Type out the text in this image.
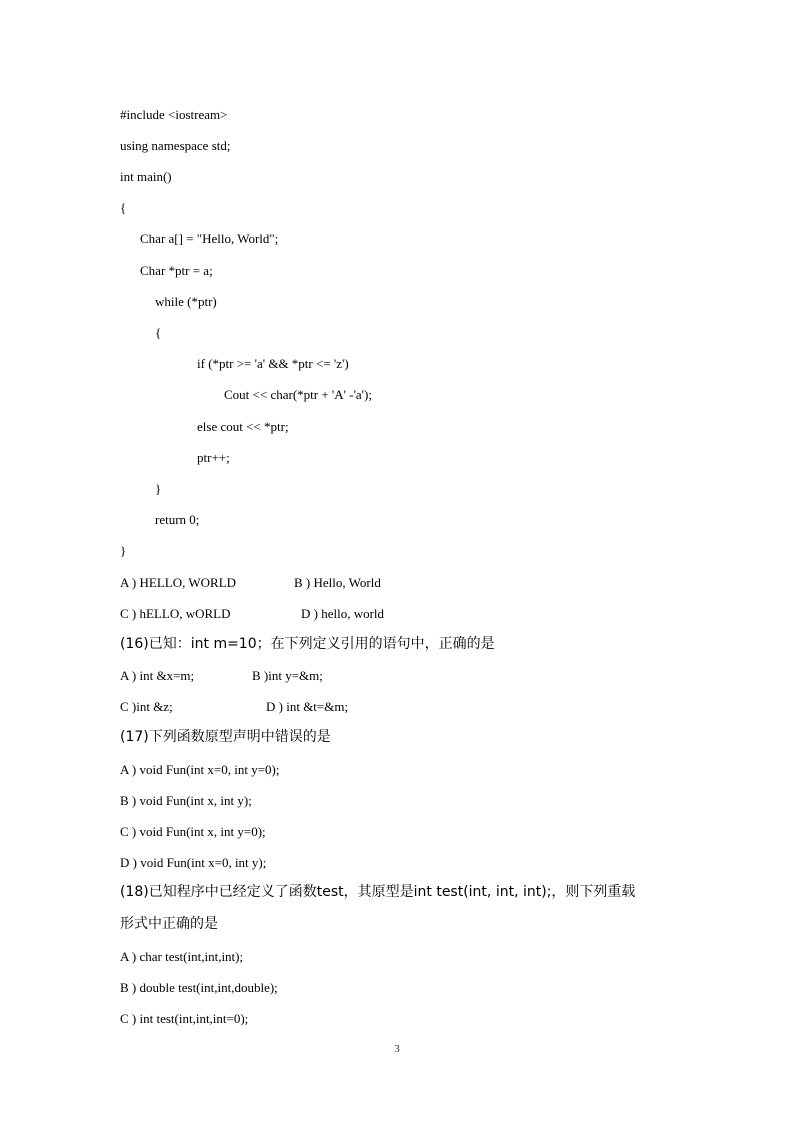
#include <iostream>
using namespace std;
int main()
{
Char a[] = "Hello, World";
Char *ptr = a;
while (*ptr)
{
if (*ptr >= 'a' && *ptr <= 'z')
Cout << char(*ptr + 'A' -'a');
else cout << *ptr;
ptr++;
}
return 0;
}
A ) HELLO, WORLD	B ) Hello, World
C ) hELLO, wORLD	D ) hello, world
(16)已知：int m=10；在下列定义引用的语句中，正确的是
A ) int &x=m;	B )int y=&m;
C )int &z;	D ) int &t=&m;
(17)下列函数原型声明中错误的是
A ) void Fun(int x=0, int y=0);
B ) void Fun(int x, int y);
C ) void Fun(int x, int y=0);
D ) void Fun(int x=0, int y);
(18)已知程序中已经定义了函数test，其原型是int test(int, int, int);，则下列重载
形式中正确的是
A ) char test(int,int,int);
B ) double test(int,int,double);
C ) int test(int,int,int=0);
3
